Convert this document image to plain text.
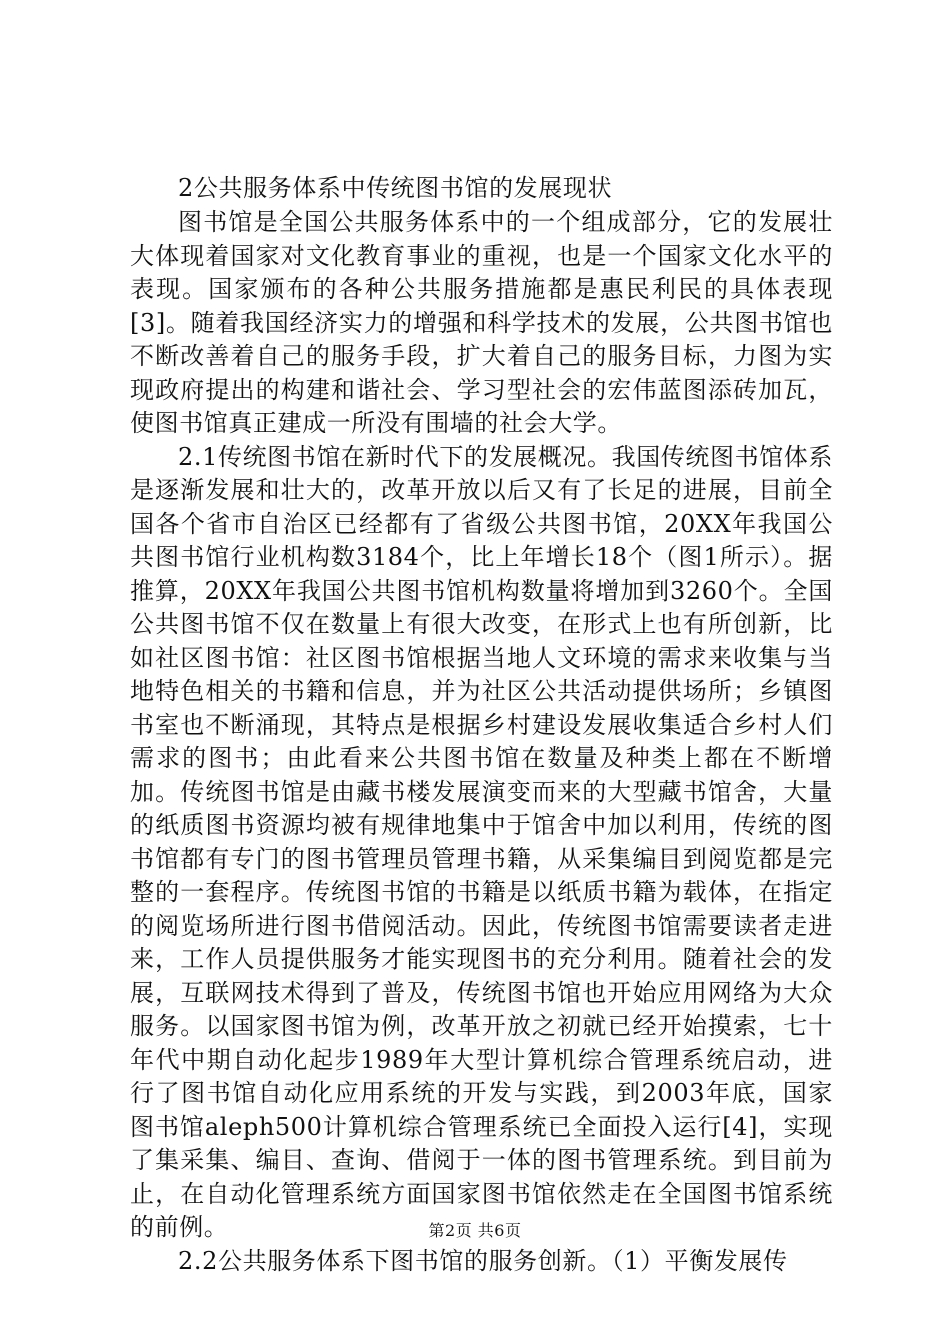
2公共服务体系中传统图书馆的发展现状

图书馆是全国公共服务体系中的一个组成部分，它的发展壮大体现着国家对文化教育事业的重视，也是一个国家文化水平的表现。国家颁布的各种公共服务措施都是惠民利民的具体表现[3]。随着我国经济实力的增强和科学技术的发展，公共图书馆也不断改善着自己的服务手段，扩大着自己的服务目标，力图为实现政府提出的构建和谐社会、学习型社会的宏伟蓝图添砖加瓦，使图书馆真正建成一所没有围墙的社会大学。

2.1传统图书馆在新时代下的发展概况。我国传统图书馆体系是逐渐发展和壮大的，改革开放以后又有了长足的进展，目前全国各个省市自治区已经都有了省级公共图书馆，20XX年我国公共图书馆行业机构数3184个，比上年增长18个（图1所示）。据推算，20XX年我国公共图书馆机构数量将增加到3260个。全国公共图书馆不仅在数量上有很大改变，在形式上也有所创新，比如社区图书馆：社区图书馆根据当地人文环境的需求来收集与当地特色相关的书籍和信息，并为社区公共活动提供场所；乡镇图书室也不断涌现，其特点是根据乡村建设发展收集适合乡村人们需求的图书；由此看来公共图书馆在数量及种类上都在不断增加。传统图书馆是由藏书楼发展演变而来的大型藏书馆舍，大量的纸质图书资源均被有规律地集中于馆舍中加以利用，传统的图书馆都有专门的图书管理员管理书籍，从采集编目到阅览都是完整的一套程序。传统图书馆的书籍是以纸质书籍为载体，在指定的阅览场所进行图书借阅活动。因此，传统图书馆需要读者走进来，工作人员提供服务才能实现图书的充分利用。随着社会的发展，互联网技术得到了普及，传统图书馆也开始应用网络为大众服务。以国家图书馆为例，改革开放之初就已经开始摸索，七十年代中期自动化起步1989年大型计算机综合管理系统启动，进行了图书馆自动化应用系统的开发与实践，到2003年底，国家图书馆aleph500计算机综合管理系统已全面投入运行[4]，实现了集采集、编目、查询、借阅于一体的图书管理系统。到目前为止，在自动化管理系统方面国家图书馆依然走在全国图书馆系统的前例。

2.2公共服务体系下图书馆的服务创新。（1）平衡发展传

第2页 共6页
